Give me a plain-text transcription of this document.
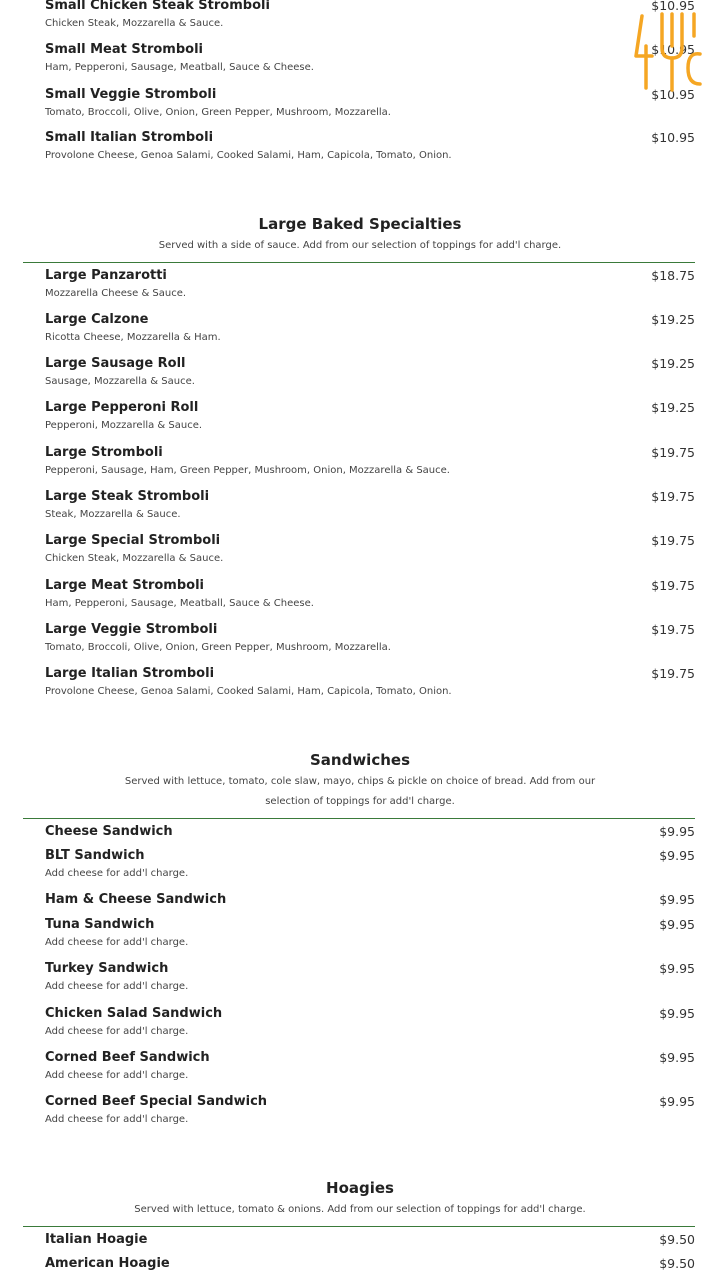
Small Chicken Steak Stromboli	$10.95
Chicken Steak, Mozzarella & Sauce.
Small Meat Stromboli	$10.95
Ham, Pepperoni, Sausage, Meatball, Sauce & Cheese.
Small Veggie Stromboli	$10.95
Tomato, Broccoli, Olive, Onion, Green Pepper, Mushroom, Mozzarella.
Small Italian Stromboli	$10.95
Provolone Cheese, Genoa Salami, Cooked Salami, Ham, Capicola, Tomato, Onion.
Large Baked Specialties
Served with a side of sauce. Add from our selection of toppings for add'l charge.
Large Panzarotti	$18.75
Mozzarella Cheese & Sauce.
Large Calzone	$19.25
Ricotta Cheese, Mozzarella & Ham.
Large Sausage Roll	$19.25
Sausage, Mozzarella & Sauce.
Large Pepperoni Roll	$19.25
Pepperoni, Mozzarella & Sauce.
Large Stromboli	$19.75
Pepperoni, Sausage, Ham, Green Pepper, Mushroom, Onion, Mozzarella & Sauce.
Large Steak Stromboli	$19.75
Steak, Mozzarella & Sauce.
Large Special Stromboli	$19.75
Chicken Steak, Mozzarella & Sauce.
Large Meat Stromboli	$19.75
Ham, Pepperoni, Sausage, Meatball, Sauce & Cheese.
Large Veggie Stromboli	$19.75
Tomato, Broccoli, Olive, Onion, Green Pepper, Mushroom, Mozzarella.
Large Italian Stromboli	$19.75
Provolone Cheese, Genoa Salami, Cooked Salami, Ham, Capicola, Tomato, Onion.
Sandwiches
Served with lettuce, tomato, cole slaw, mayo, chips & pickle on choice of bread. Add from our
selection of toppings for add'l charge.
Cheese Sandwich	$9.95
BLT Sandwich	$9.95
Add cheese for add'l charge.
Ham & Cheese Sandwich	$9.95
Tuna Sandwich	$9.95
Add cheese for add'l charge.
Turkey Sandwich	$9.95
Add cheese for add'l charge.
Chicken Salad Sandwich	$9.95
Add cheese for add'l charge.
Corned Beef Sandwich	$9.95
Add cheese for add'l charge.
Corned Beef Special Sandwich	$9.95
Add cheese for add'l charge.
Hoagies
Served with lettuce, tomato & onions. Add from our selection of toppings for add'l charge.
Italian Hoagie	$9.50
American Hoagie	$9.50
